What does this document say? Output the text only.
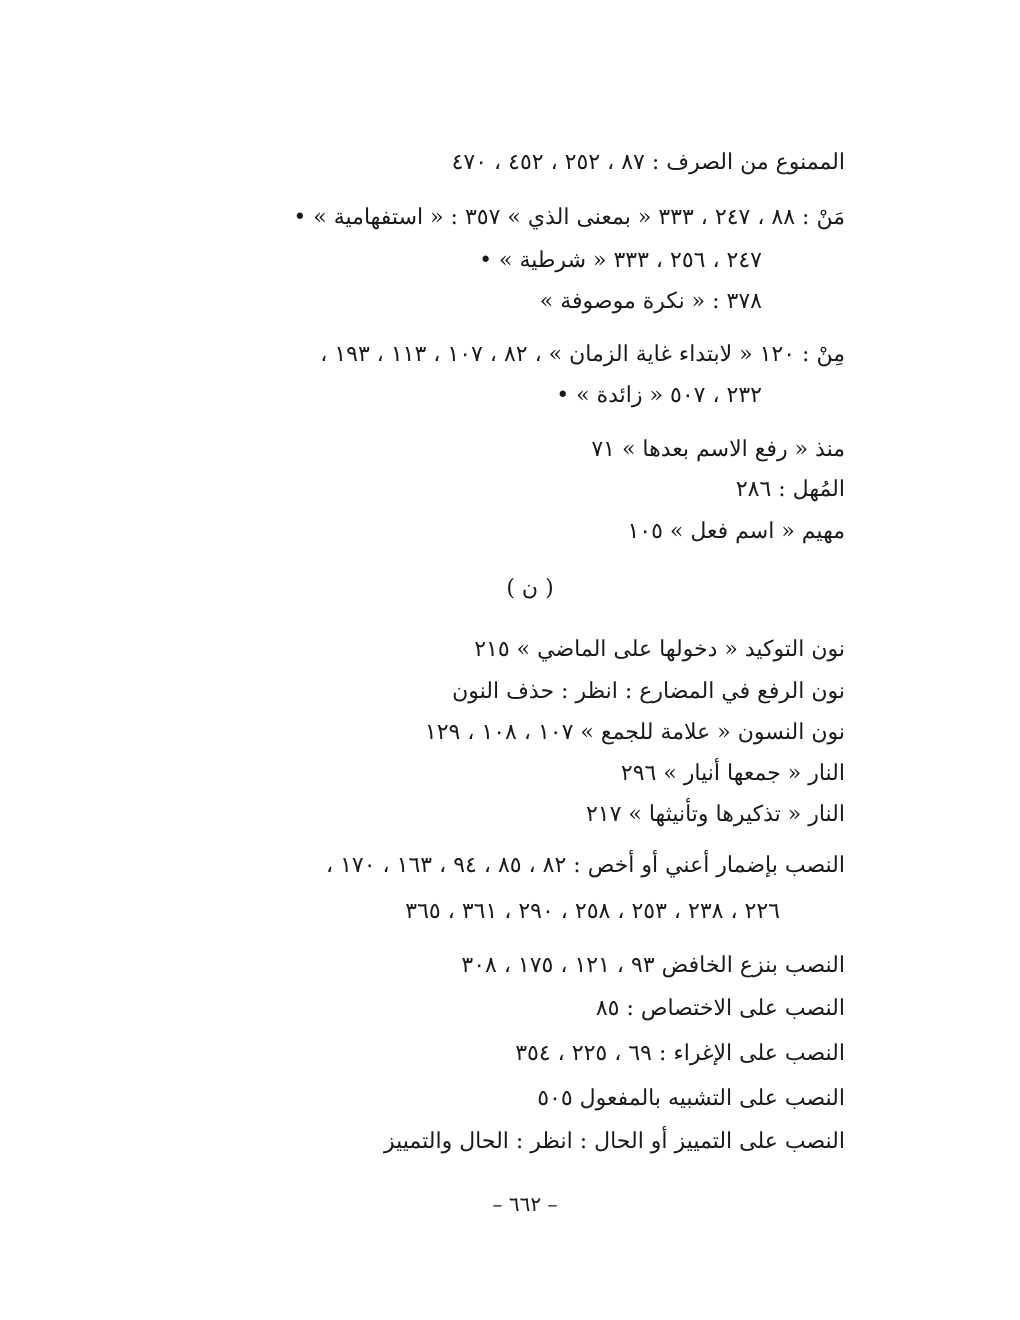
الممنوع من الصرف : ٨٧ ، ٢٥٢ ، ٤٥٢ ، ٤٧٠
مَنْ : ٨٨ ، ٢٤٧ ، ٣٣٣ « بمعنى الذي » ٣٥٧ : « استفهامية » •
٢٤٧ ، ٢٥٦ ، ٣٣٣ « شرطية » •
٣٧٨ : « نكرة موصوفة »
مِنْ : ١٢٠ « لابتداء غاية الزمان » ، ٨٢ ، ١٠٧ ، ١١٣ ، ١٩٣ ،
٢٣٢ ، ٥٠٧ « زائدة » •
منذ « رفع الاسم بعدها » ٧١
المُهل : ٢٨٦
مهيم « اسم فعل » ١٠٥
( ن )
نون التوكيد « دخولها على الماضي » ٢١٥
نون الرفع في المضارع : انظر : حذف النون
نون النسون « علامة للجمع » ١٠٧ ، ١٠٨ ، ١٢٩
النار « جمعها أنيار » ٢٩٦
النار « تذكيرها وتأنيثها » ٢١٧
النصب بإضمار أعني أو أخص : ٨٢ ، ٨٥ ، ٩٤ ، ١٦٣ ، ١٧٠ ،
٢٢٦ ، ٢٣٨ ، ٢٥٣ ، ٢٥٨ ، ٢٩٠ ، ٣٦١ ، ٣٦٥
النصب بنزع الخافض ٩٣ ، ١٢١ ، ١٧٥ ، ٣٠٨
النصب على الاختصاص : ٨٥
النصب على الإغراء : ٦٩ ، ٢٢٥ ، ٣٥٤
النصب على التشبيه بالمفعول ٥٠٥
النصب على التمييز أو الحال : انظر : الحال والتمييز
– ٦٦٢ –
